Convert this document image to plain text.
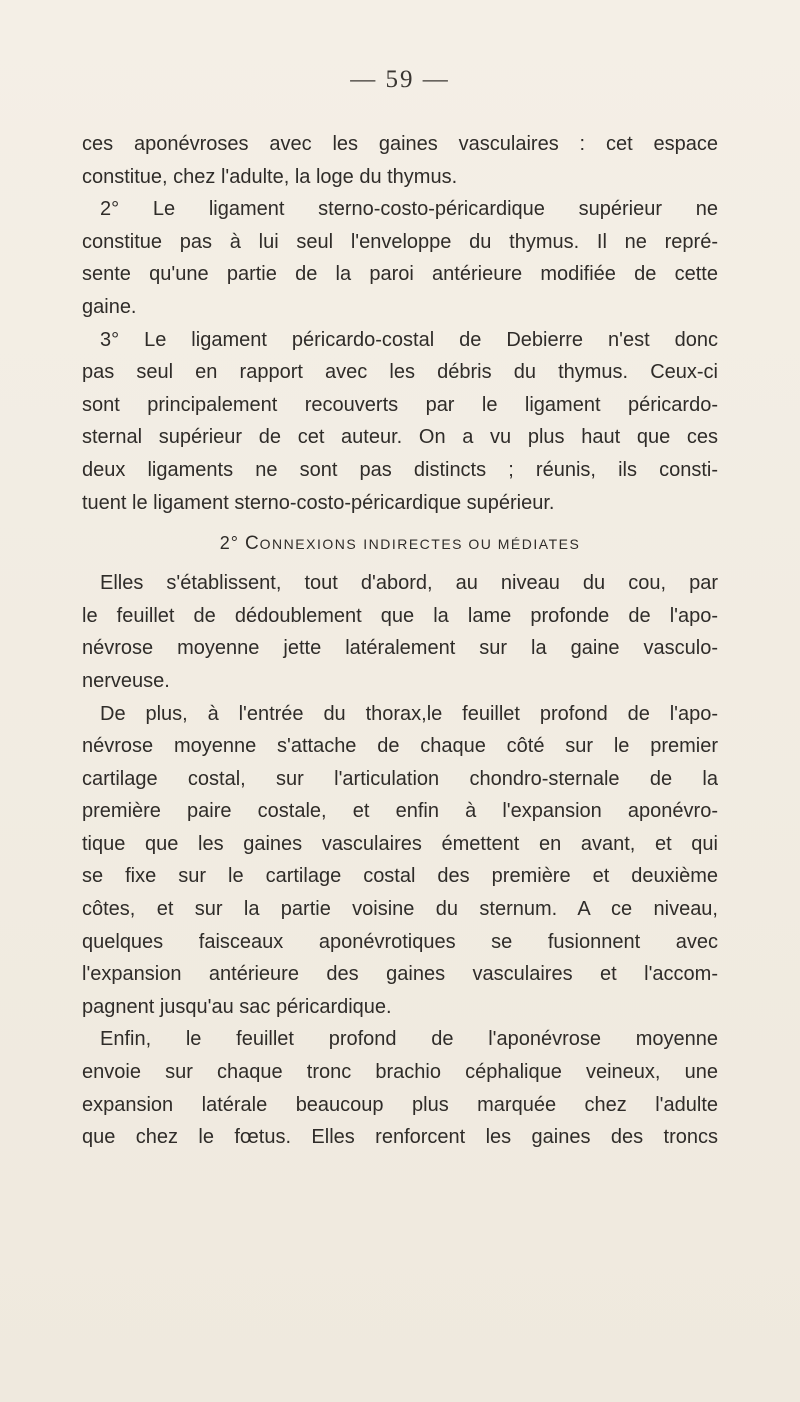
— 59 —
ces aponévroses avec les gaines vasculaires : cet espace
constitue, chez l'adulte, la loge du thymus.
2° Le ligament sterno-costo-péricardique supérieur ne
constitue pas à lui seul l'enveloppe du thymus. Il ne repré-
sente qu'une partie de la paroi antérieure modifiée de cette
gaine.
3° Le ligament péricardo-costal de Debierre n'est donc
pas seul en rapport avec les débris du thymus. Ceux-ci
sont principalement recouverts par le ligament péricardo-
sternal supérieur de cet auteur. On a vu plus haut que ces
deux ligaments ne sont pas distincts ; réunis, ils consti-
tuent le ligament sterno-costo-péricardique supérieur.
2° CONNEXIONS INDIRECTES OU MÉDIATES
Elles s'établissent, tout d'abord, au niveau du cou, par
le feuillet de dédoublement que la lame profonde de l'apo-
névrose moyenne jette latéralement sur la gaine vasculo-
nerveuse.
De plus, à l'entrée du thorax,le feuillet profond de l'apo-
névrose moyenne s'attache de chaque côté sur le premier
cartilage costal, sur l'articulation chondro-sternale de la
première paire costale, et enfin à l'expansion aponévro-
tique que les gaines vasculaires émettent en avant, et qui
se fixe sur le cartilage costal des première et deuxième
côtes, et sur la partie voisine du sternum. A ce niveau,
quelques faisceaux aponévrotiques se fusionnent avec
l'expansion antérieure des gaines vasculaires et l'accom-
pagnent jusqu'au sac péricardique.
Enfin, le feuillet profond de l'aponévrose moyenne
envoie sur chaque tronc brachio céphalique veineux, une
expansion latérale beaucoup plus marquée chez l'adulte
que chez le fœtus. Elles renforcent les gaines des troncs
